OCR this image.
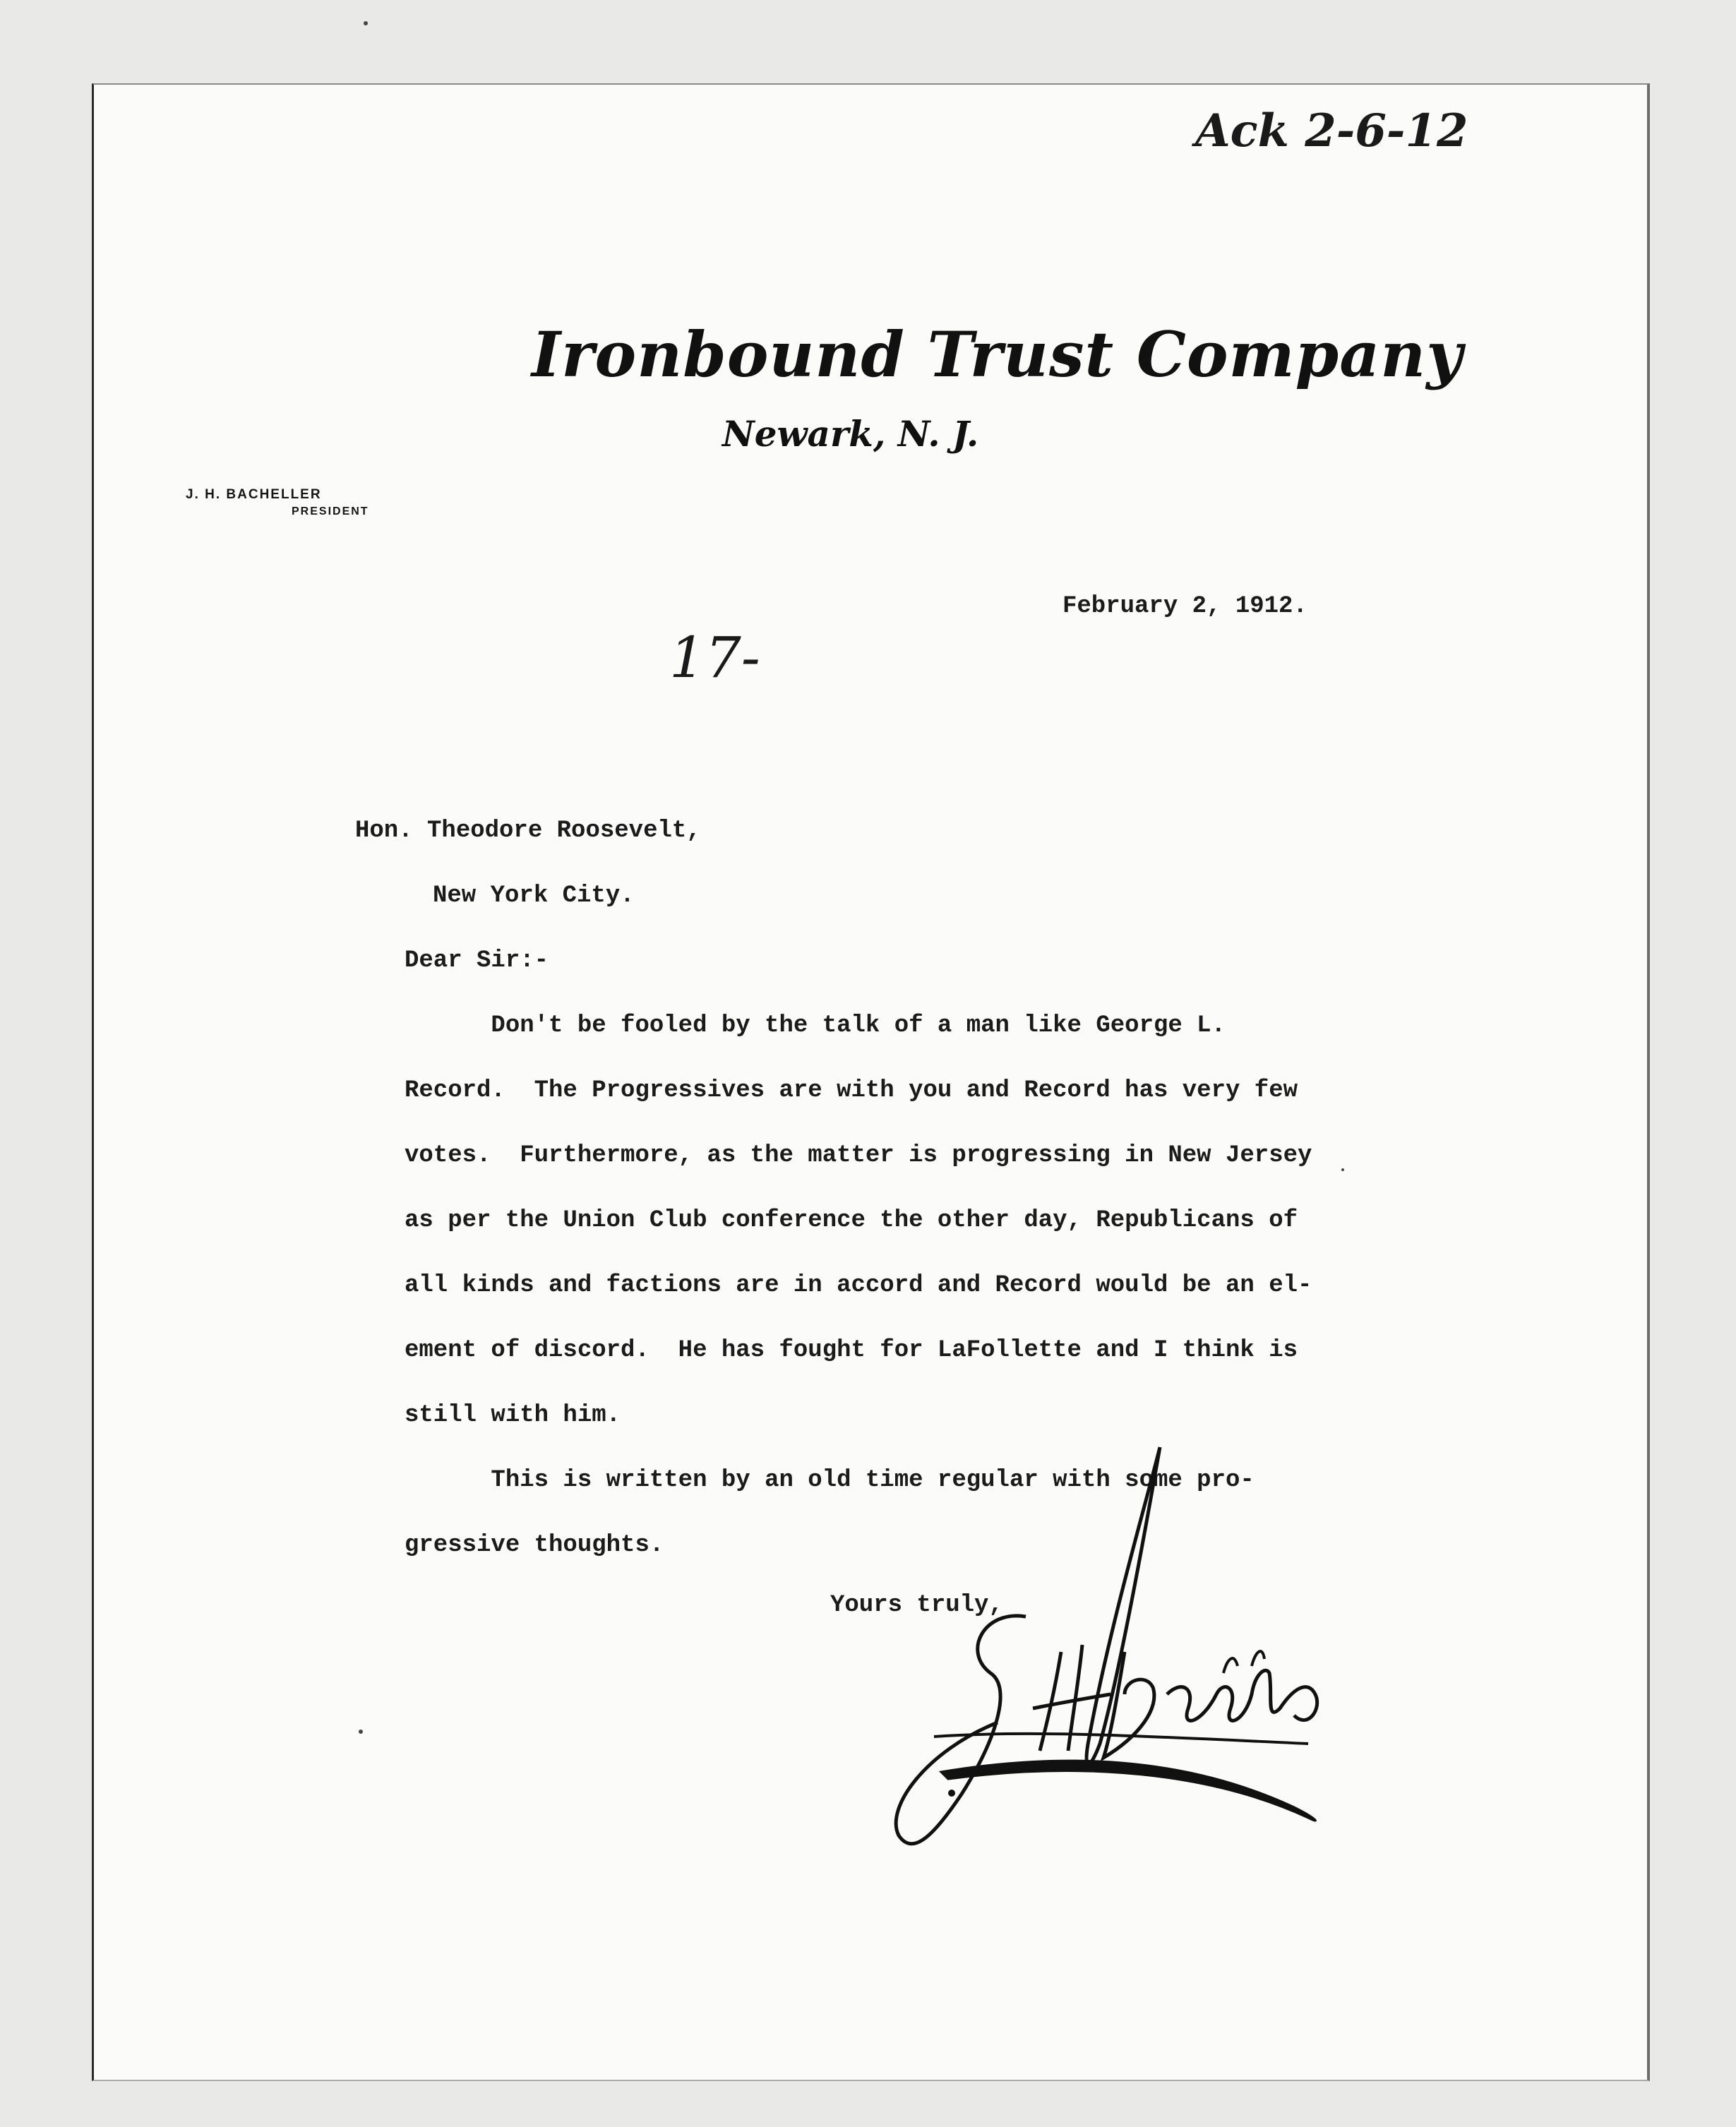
Ack 2-6-12
Ironbound Trust Company
Newark, N. J.
J. H. BACHELLER
PRESIDENT
February 2, 1912.
17-
Hon. Theodore Roosevelt,
New York City.
Dear Sir:-
Don't be fooled by the talk of a man like George L.
Record.  The Progressives are with you and Record has very few
votes.  Furthermore, as the matter is progressing in New Jersey
as per the Union Club conference the other day, Republicans of
all kinds and factions are in accord and Record would be an el-
ement of discord.  He has fought for LaFollette and I think is
still with him.
This is written by an old time regular with some pro-
gressive thoughts.
Yours truly,
